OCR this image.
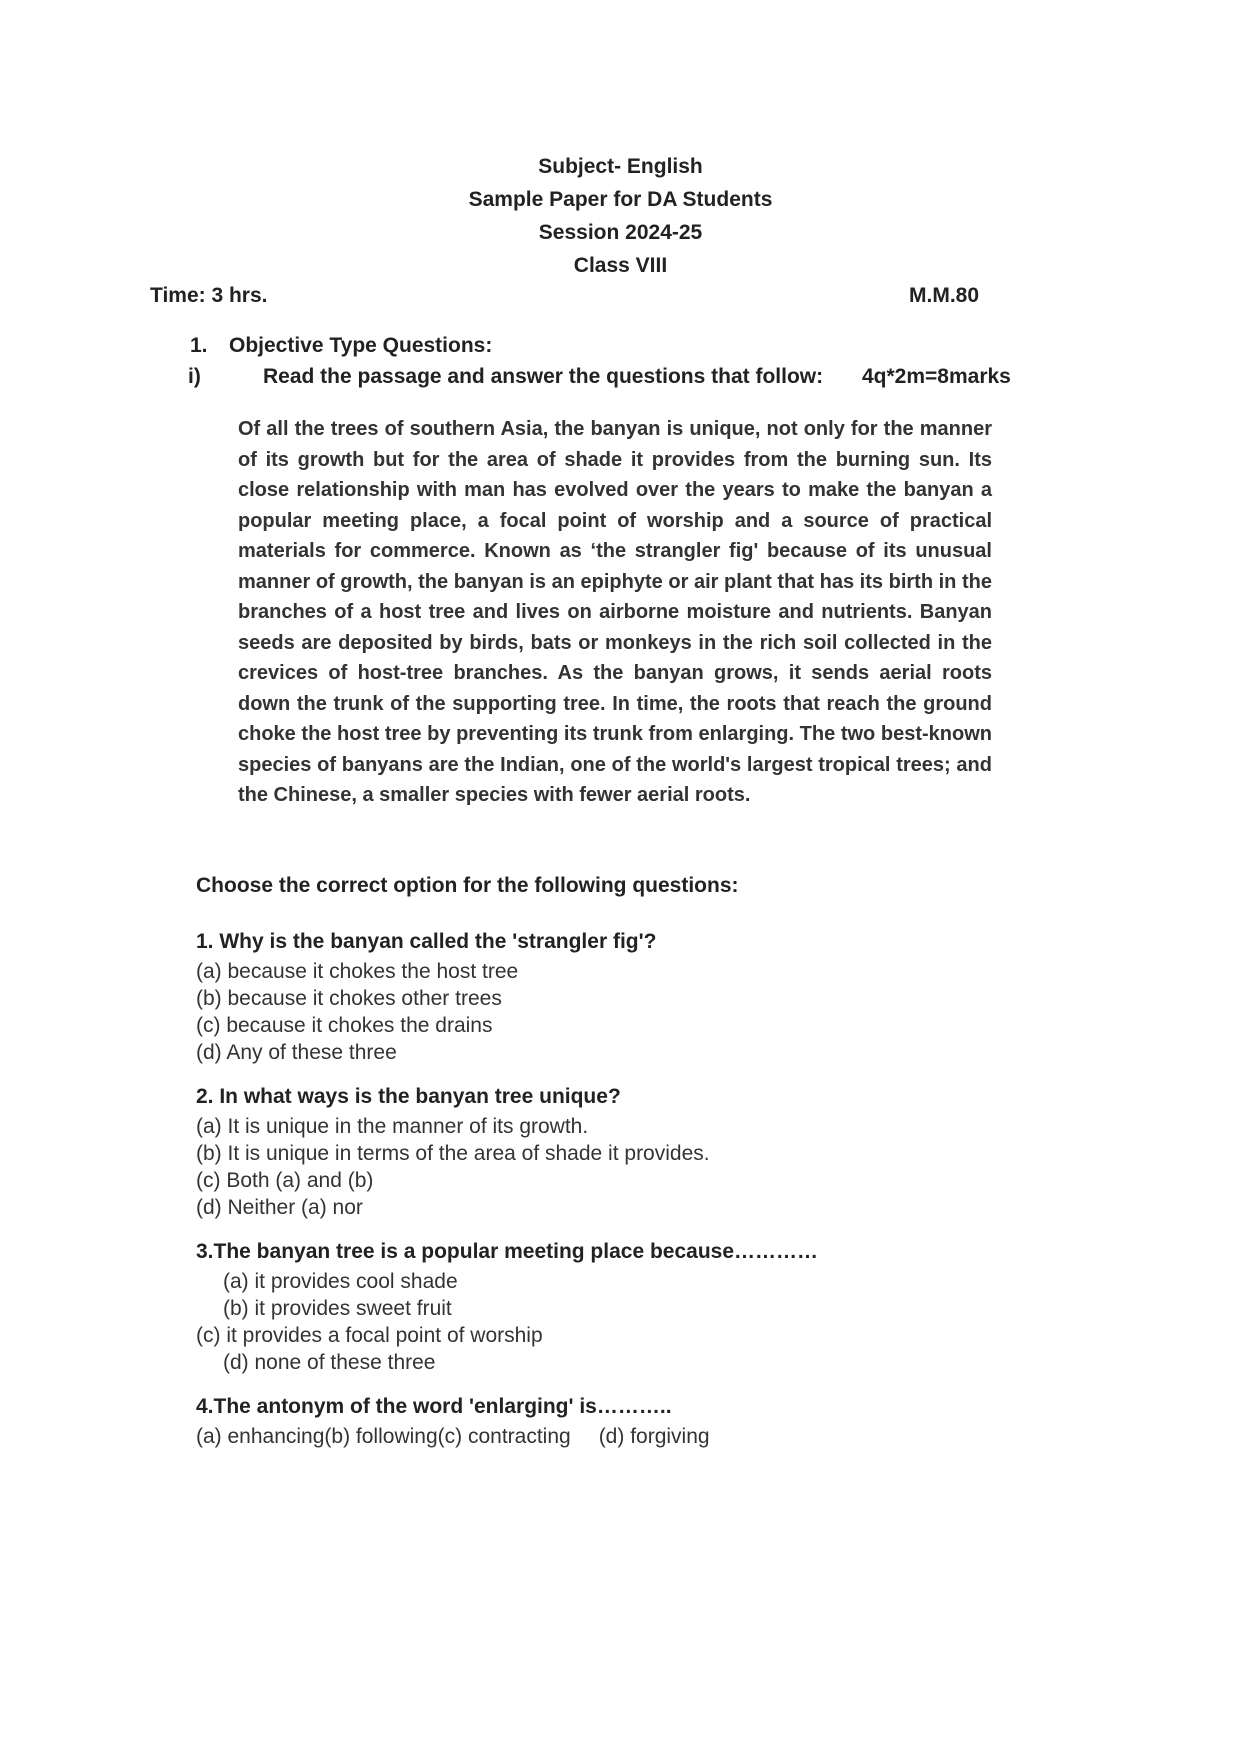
Subject- English
Sample Paper for DA Students
Session 2024-25
Class VIII
Time: 3 hrs.	M.M.80
1. Objective Type Questions:
i)	Read the passage and answer the questions that follow: 4q*2m=8marks
Of all the trees of southern Asia, the banyan is unique, not only for the manner of its growth but for the area of shade it provides from the burning sun. Its close relationship with man has evolved over the years to make the banyan a popular meeting place, a focal point of worship and a source of practical materials for commerce. Known as ‘the strangler fig' because of its unusual manner of growth, the banyan is an epiphyte or air plant that has its birth in the branches of a host tree and lives on airborne moisture and nutrients. Banyan seeds are deposited by birds, bats or monkeys in the rich soil collected in the crevices of host-tree branches. As the banyan grows, it sends aerial roots down the trunk of the supporting tree. In time, the roots that reach the ground choke the host tree by preventing its trunk from enlarging. The two best-known species of banyans are the Indian, one of the world's largest tropical trees; and the Chinese, a smaller species with fewer aerial roots.
Choose the correct option for the following questions:
1. Why is the banyan called the 'strangler fig'?
(a) because it chokes the host tree
(b) because it chokes other trees
(c) because it chokes the drains
(d) Any of these three
2. In what ways is the banyan tree unique?
(a) It is unique in the manner of its growth.
(b) It is unique in terms of the area of shade it provides.
(c) Both (a) and (b)
(d) Neither (a) nor
3.The banyan tree is a popular meeting place because…………
(a) it provides cool shade
(b) it provides sweet fruit
(c) it provides a focal point of worship
(d) none of these three
4.The antonym of the word 'enlarging' is………..
(a) enhancing(b) following(c) contracting (d) forgiving
